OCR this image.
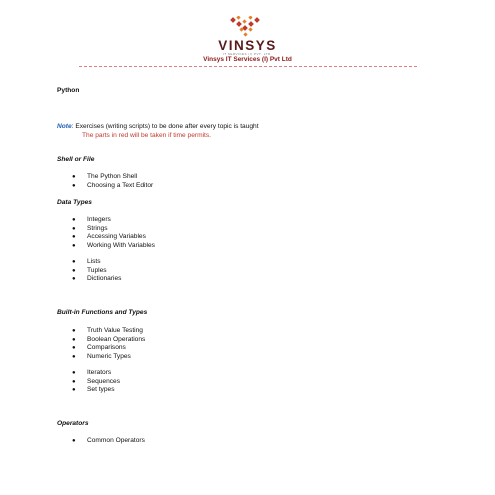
VINSYS
IT SERVICES (I) PVT. LTD.
Vinsys IT Services (I) Pvt Ltd
Python
Note: Exercises (writing scripts) to be done after every topic is taught
The parts in red will be taken if time permits.
Shell or File
● The Python Shell
● Choosing a Text Editor
Data Types
● Integers
● Strings
● Accessing Variables
● Working With Variables
● Lists
● Tuples
● Dictionaries
Built-in Functions and Types
● Truth Value Testing
● Boolean Operations
● Comparisons
● Numeric Types
● Iterators
● Sequences
● Set types
Operators
● Common Operators
